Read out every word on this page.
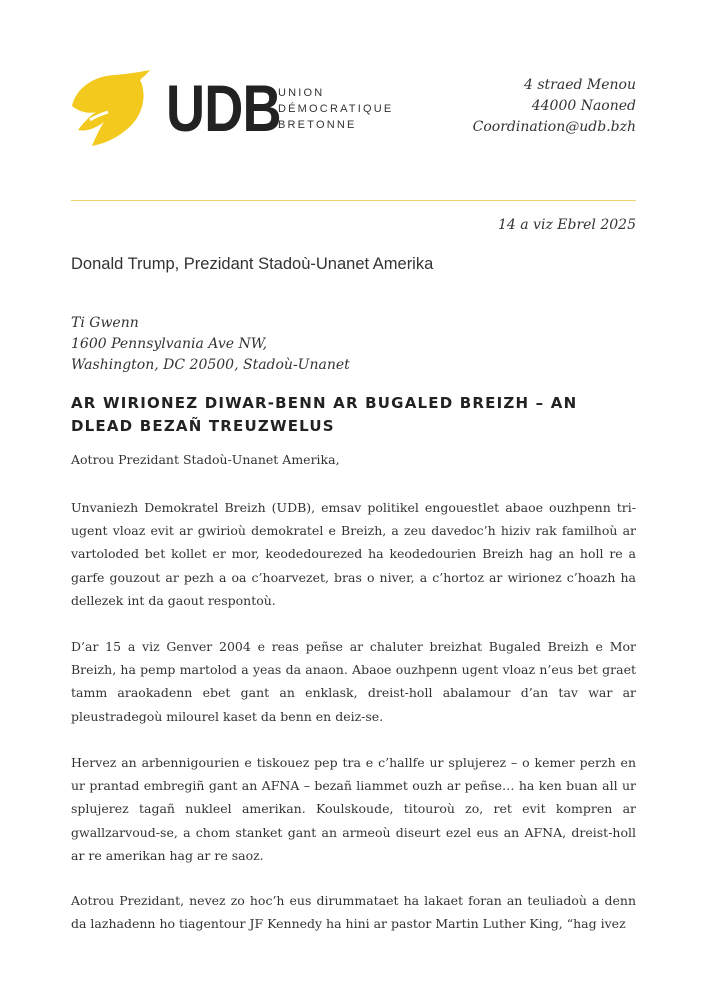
UDB
UNION
DÉMOCRATIQUE
BRETONNE
4 straed Menou
44000 Naoned
Coordination@udb.bzh
14 a viz Ebrel 2025
Donald Trump, Prezidant Stadoù-Unanet Amerika
Ti Gwenn
1600 Pennsylvania Ave NW,
Washington, DC 20500, Stadoù-Unanet
AR WIRIONEZ DIWAR-BENN AR BUGALED BREIZH – AN DLEAD BEZAÑ TREUZWELUS
Aotrou Prezidant Stadoù-Unanet Amerika,
Unvaniezh Demokratel Breizh (UDB), emsav politikel engouestlet abaoe ouzhpenn tri-ugent vloaz evit ar gwirioù demokratel e Breizh, a zeu davedoc’h hiziv rak familhoù ar vartoloded bet kollet er mor, keodedourezed ha keodedourien Breizh hag an holl re a garfe gouzout ar pezh a oa c’hoarvezet, bras o niver, a c’hortoz ar wirionez c’hoazh ha dellezek int da gaout respontoù.
D’ar 15 a viz Genver 2004 e reas peñse ar chaluter breizhat Bugaled Breizh e Mor Breizh, ha pemp martolod a yeas da anaon. Abaoe ouzhpenn ugent vloaz n’eus bet graet tamm araokadenn ebet gant an enklask, dreist-holl abalamour d’an tav war ar pleustradegoù milourel kaset da benn en deiz-se.
Hervez an arbennigourien e tiskouez pep tra e c’hallfe ur splujerez – o kemer perzh en ur prantad embregiñ gant an AFNA – bezañ liammet ouzh ar peñse… ha ken buan all ur splujerez tagañ nukleel amerikan. Koulskoude, titouroù zo, ret evit kompren ar gwallzarvoud-se, a chom stanket gant an armeoù diseurt ezel eus an AFNA, dreist-holl ar re amerikan hag ar re saoz.
Aotrou Prezidant, nevez zo hoc’h eus dirummataet ha lakaet foran an teuliadoù a denn da lazhadenn ho tiagentour JF Kennedy ha hini ar pastor Martin Luther King, “hag ivez
